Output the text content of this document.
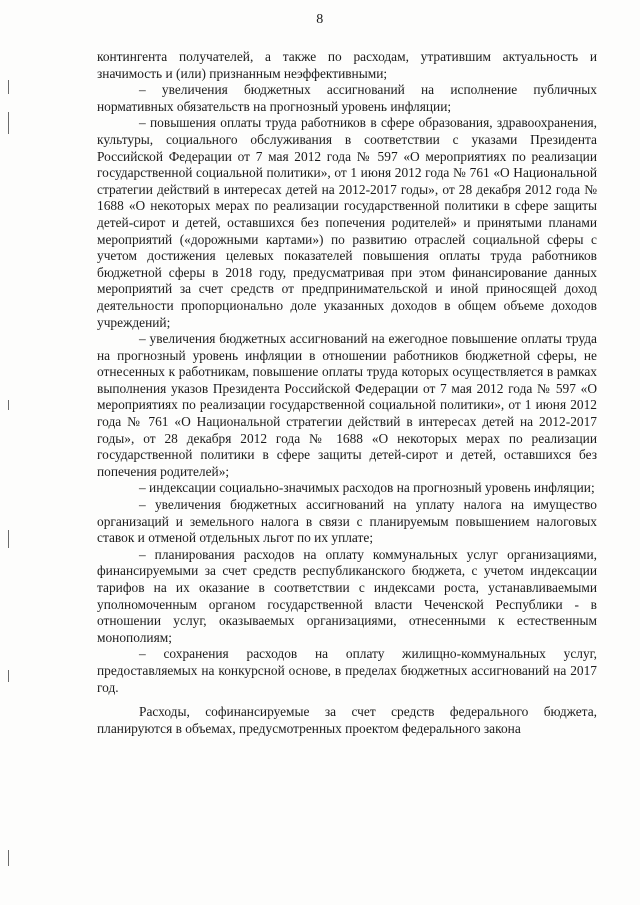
8

контингента получателей, а также по расходам, утратившим актуальность и значимость и (или) признанным неэффективными;

– увеличения бюджетных ассигнований на исполнение публичных нормативных обязательств на прогнозный уровень инфляции;

– повышения оплаты труда работников в сфере образования, здравоохранения, культуры, социального обслуживания в соответствии с указами Президента Российской Федерации от 7 мая 2012 года № 597 «О мероприятиях по реализации государственной социальной политики», от 1 июня 2012 года № 761 «О Национальной стратегии действий в интересах детей на 2012-2017 годы», от 28 декабря 2012 года № 1688 «О некоторых мерах по реализации государственной политики в сфере защиты детей-сирот и детей, оставшихся без попечения родителей» и принятыми планами мероприятий («дорожными картами») по развитию отраслей социальной сферы с учетом достижения целевых показателей повышения оплаты труда работников бюджетной сферы в 2018 году, предусматривая при этом финансирование данных мероприятий за счет средств от предпринимательской и иной приносящей доход деятельности пропорционально доле указанных доходов в общем объеме доходов учреждений;

– увеличения бюджетных ассигнований на ежегодное повышение оплаты труда на прогнозный уровень инфляции в отношении работников бюджетной сферы, не отнесенных к работникам, повышение оплаты труда которых осуществляется в рамках выполнения указов Президента Российской Федерации от 7 мая 2012 года № 597 «О мероприятиях по реализации государственной социальной политики», от 1 июня 2012 года № 761 «О Национальной стратегии действий в интересах детей на 2012-2017 годы», от 28 декабря 2012 года № 1688 «О некоторых мерах по реализации государственной политики в сфере защиты детей-сирот и детей, оставшихся без попечения родителей»;

– индексации социально-значимых расходов на прогнозный уровень инфляции;

– увеличения бюджетных ассигнований на уплату налога на имущество организаций и земельного налога в связи с планируемым повышением налоговых ставок и отменой отдельных льгот по их уплате;

– планирования расходов на оплату коммунальных услуг организациями, финансируемыми за счет средств республиканского бюджета, с учетом индексации тарифов на их оказание в соответствии с индексами роста, устанавливаемыми уполномоченным органом государственной власти Чеченской Республики - в отношении услуг, оказываемых организациями, отнесенными к естественным монополиям;

– сохранения расходов на оплату жилищно-коммунальных услуг, предоставляемых на конкурсной основе, в пределах бюджетных ассигнований на 2017 год.

Расходы, софинансируемые за счет средств федерального бюджета, планируются в объемах, предусмотренных проектом федерального закона
